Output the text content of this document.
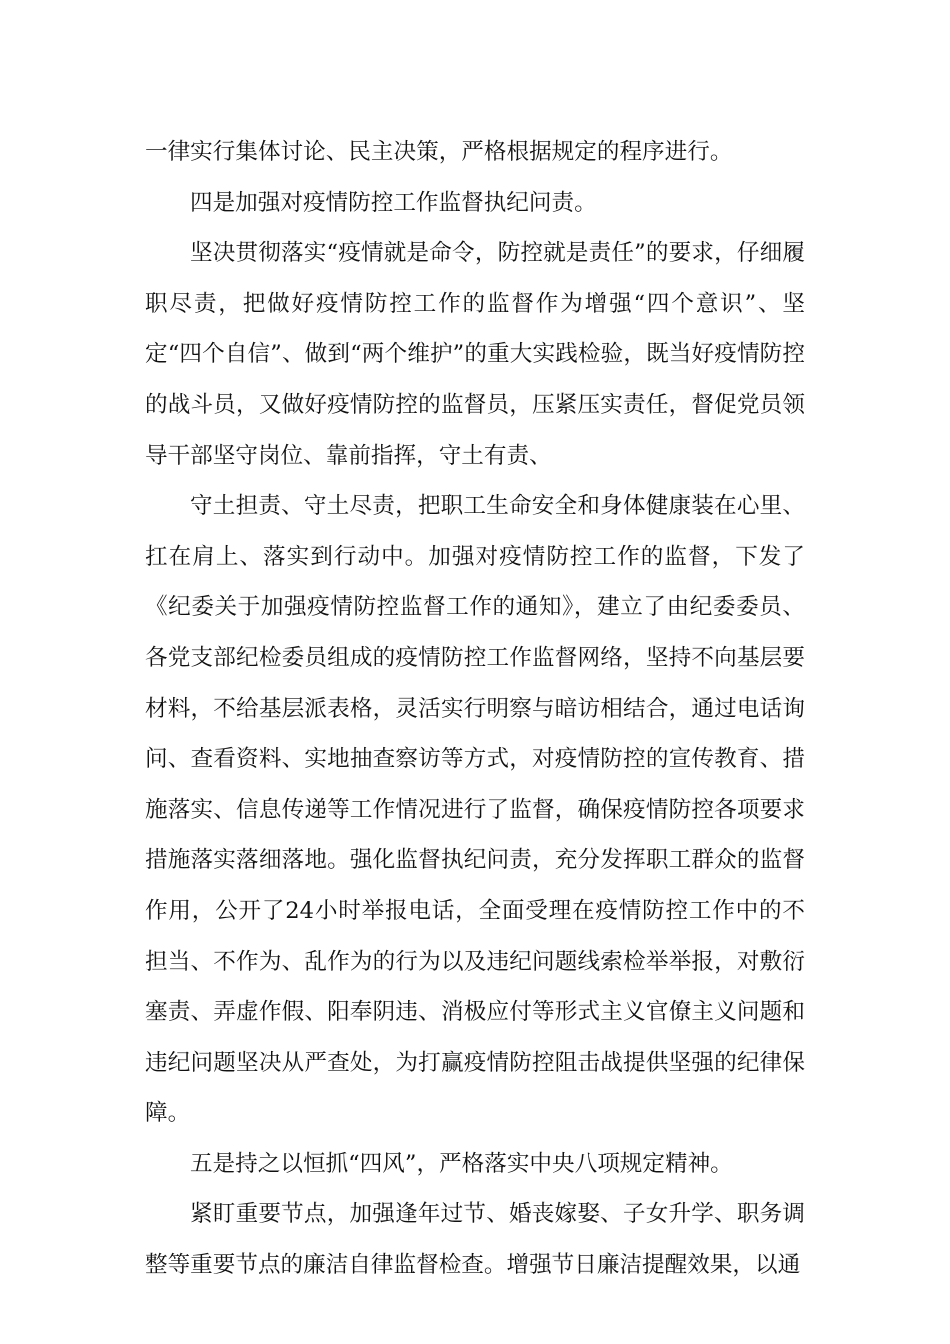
一律实行集体讨论、民主决策，严格根据规定的程序进行。

四是加强对疫情防控工作监督执纪问责。

坚决贯彻落实“疫情就是命令，防控就是责任”的要求，仔细履职尽责，把做好疫情防控工作的监督作为增强“四个意识”、坚定“四个自信”、做到“两个维护”的重大实践检验，既当好疫情防控的战斗员，又做好疫情防控的监督员，压紧压实责任，督促党员领导干部坚守岗位、靠前指挥，守土有责、

守土担责、守土尽责，把职工生命安全和身体健康装在心里、扛在肩上、落实到行动中。加强对疫情防控工作的监督，下发了《纪委关于加强疫情防控监督工作的通知》，建立了由纪委委员、各党支部纪检委员组成的疫情防控工作监督网络，坚持不向基层要材料，不给基层派表格，灵活实行明察与暗访相结合，通过电话询问、查看资料、实地抽查察访等方式，对疫情防控的宣传教育、措施落实、信息传递等工作情况进行了监督，确保疫情防控各项要求措施落实落细落地。强化监督执纪问责，充分发挥职工群众的监督作用，公开了24小时举报电话，全面受理在疫情防控工作中的不担当、不作为、乱作为的行为以及违纪问题线索检举举报，对敷衍塞责、弄虚作假、阳奉阴违、消极应付等形式主义官僚主义问题和违纪问题坚决从严查处，为打赢疫情防控阻击战提供坚强的纪律保障。

五是持之以恒抓“四风”，严格落实中央八项规定精神。

紧盯重要节点，加强逢年过节、婚丧嫁娶、子女升学、职务调整等重要节点的廉洁自律监督检查。增强节日廉洁提醒效果，以通
